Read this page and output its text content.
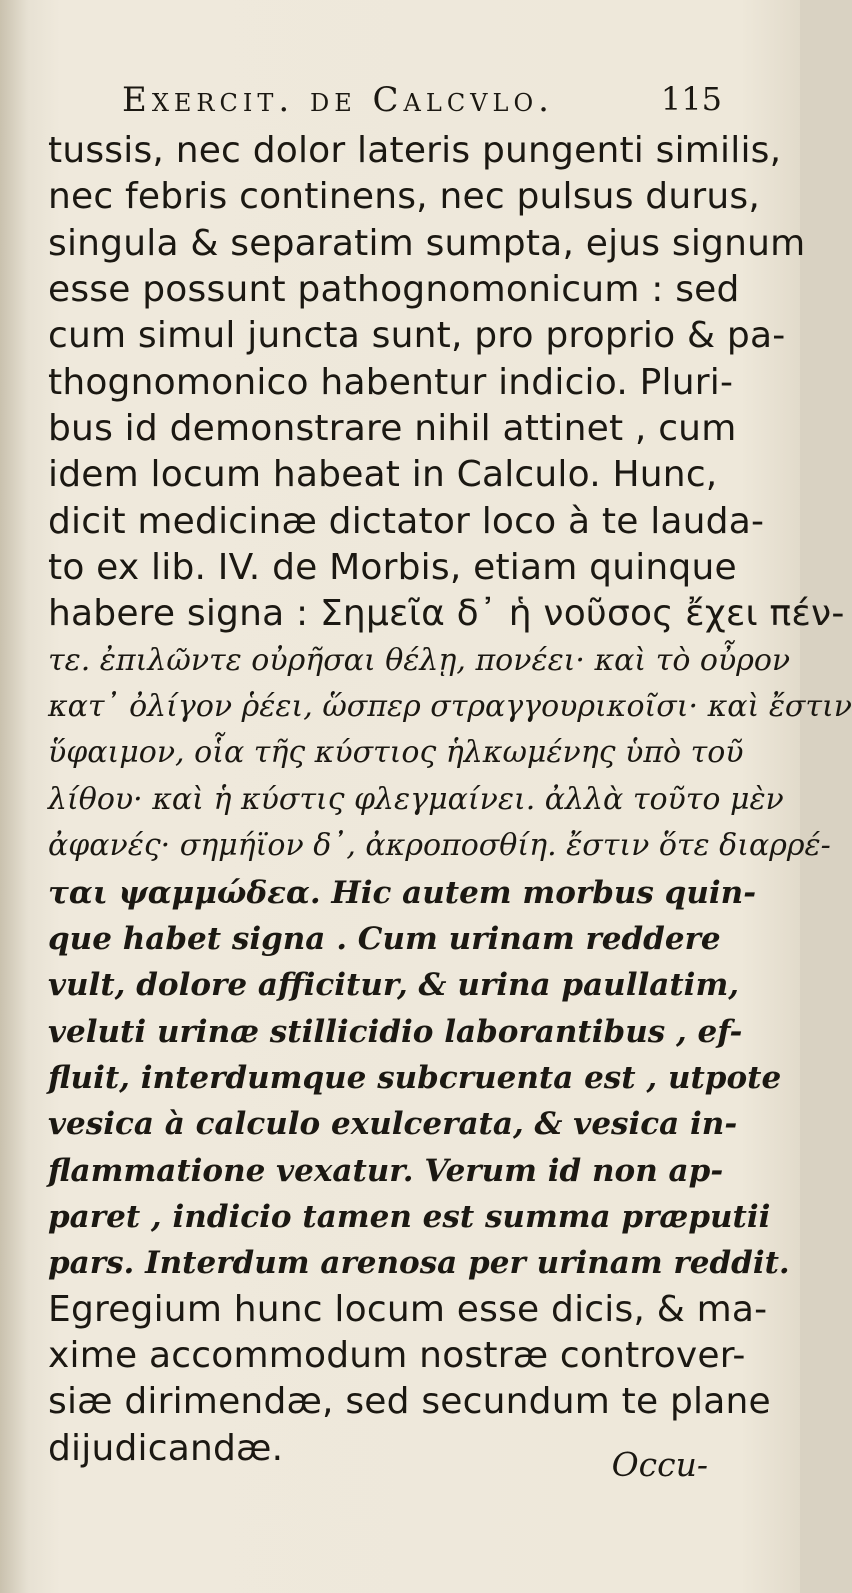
Exercit. de Calcvlo.	115
tussis, nec dolor lateris pungenti similis,
nec febris continens, nec pulsus durus,
singula & separatim sumpta, ejus signum
esse possunt pathognomonicum : sed
cum simul juncta sunt, pro proprio & pa-
thognomonico habentur indicio. Pluri-
bus id demonstrare nihil attinet , cum
idem locum habeat in Calculo. Hunc,
dicit medicinæ dictator loco à te lauda-
to ex lib. IV. de Morbis, etiam quinque
habere signa : Σημεῖα δ᾽ ἡ νοῦσος ἔχει πέν-
τε. ἐπιλῶντε οὐρῆσαι θέλῃ, πονέει· καὶ τὸ οὖρον
κατ᾽ ὀλίγον ῥέει, ὥσπερ στραγγουρικοῖσι· καὶ ἔστιν
ὕφαιμον, οἷα τῆς κύστιος ἡλκωμένης ὑπὸ τοῦ
λίθου· καὶ ἡ κύστις φλεγμαίνει. ἀλλὰ τοῦτο μὲν
ἀφανές· σημήϊον δ᾽, ἀκροποσθίη. ἔστιν ὅτε διαρρέ-
ται ψαμμώδεα. Hic autem morbus quin-
que habet signa . Cum urinam reddere
vult, dolore afficitur, & urina paullatim,
veluti urinæ stillicidio laborantibus , ef-
fluit, interdumque subcruenta est , utpote
vesica à calculo exulcerata, & vesica in-
flammatione vexatur. Verum id non ap-
paret , indicio tamen est summa præputii
pars. Interdum arenosa per urinam reddit.
Egregium hunc locum esse dicis, & ma-
xime accommodum nostræ controver-
siæ dirimendæ, sed secundum te plane
dijudicandæ.	Occu-
